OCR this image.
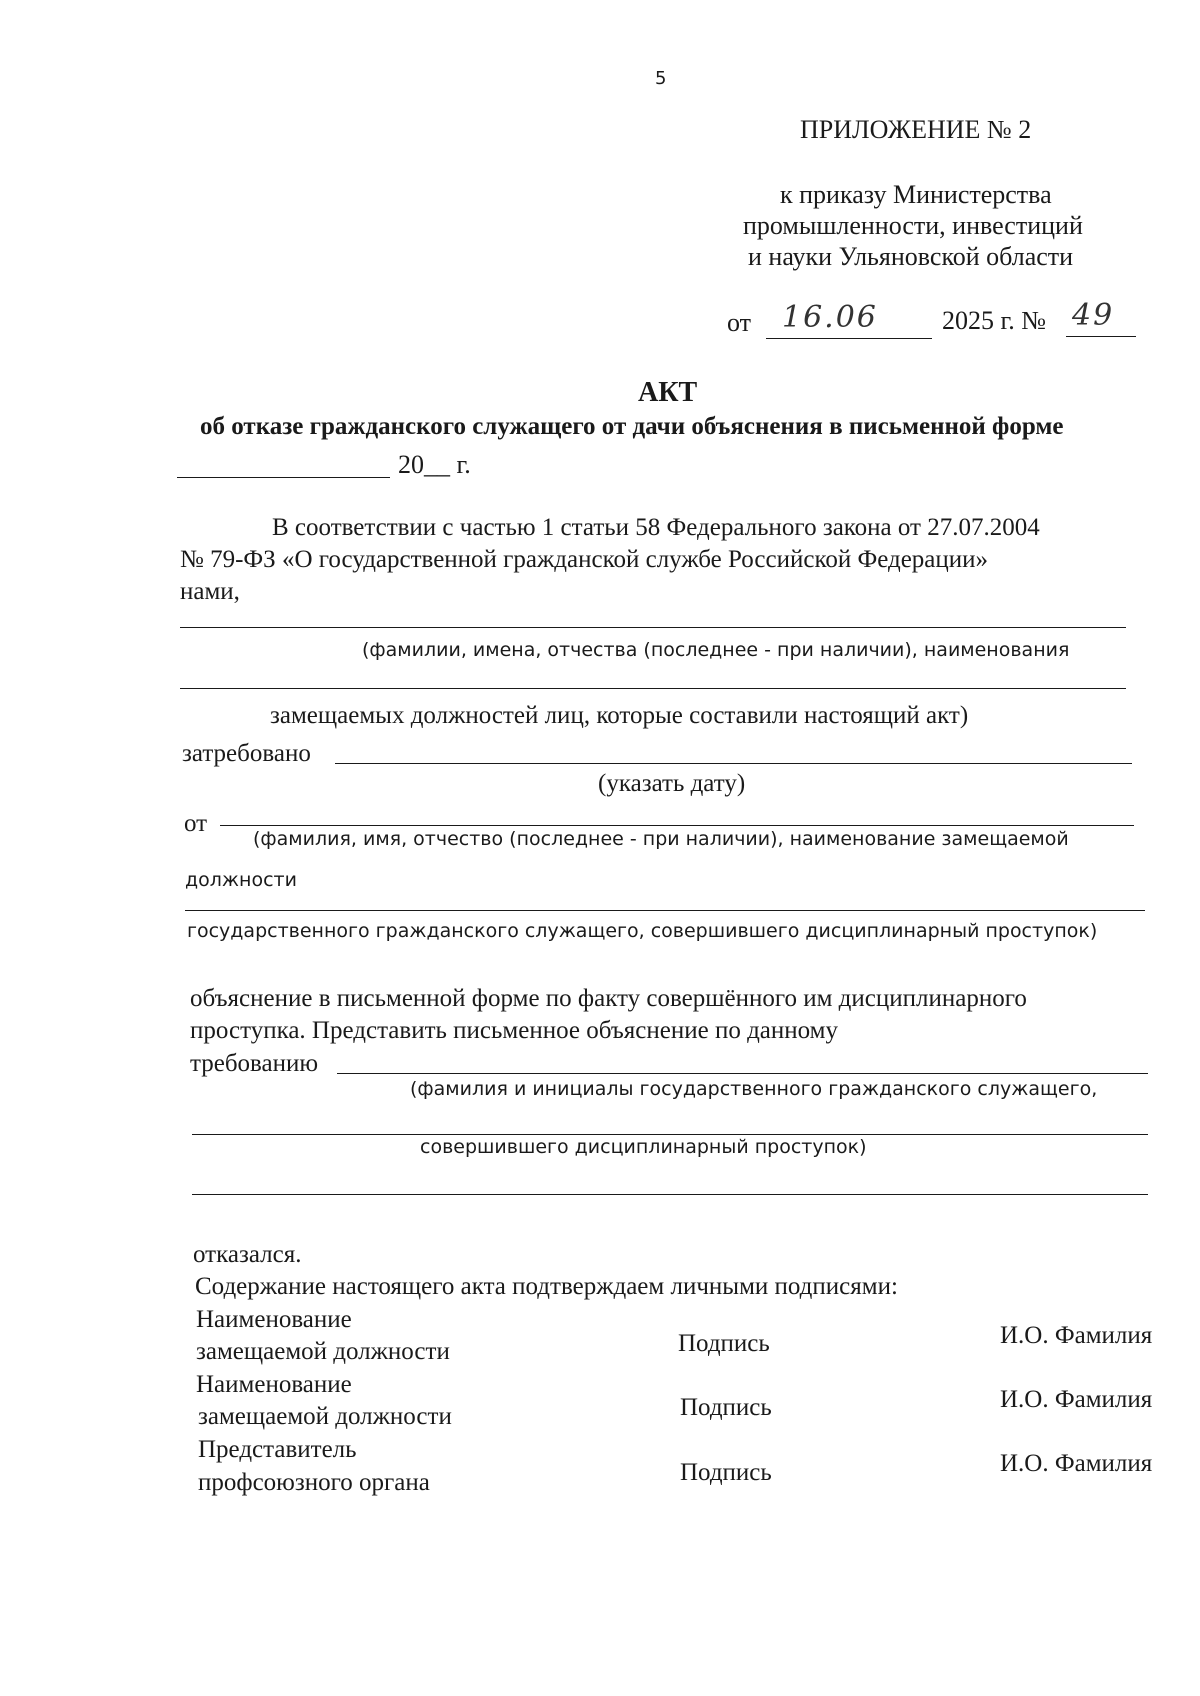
5
ПРИЛОЖЕНИЕ № 2
к приказу Министерства
промышленности, инвестиций
и науки Ульяновской области
от 16.06 2025 г. № 49
АКТ
об отказе гражданского служащего от дачи объяснения в письменной форме
20__ г.
В соответствии с частью 1 статьи 58 Федерального закона от 27.07.2004
№ 79-ФЗ «О государственной гражданской службе Российской Федерации»
нами,
(фамилии, имена, отчества (последнее - при наличии), наименования
замещаемых должностей лиц, которые составили настоящий акт)
затребовано
(указать дату)
от
(фамилия, имя, отчество (последнее - при наличии), наименование замещаемой
должности
государственного гражданского служащего, совершившего дисциплинарный проступок)
объяснение в письменной форме по факту совершённого им дисциплинарного
проступка. Представить письменное объяснение по данному
требованию
(фамилия и инициалы государственного гражданского служащего,
совершившего дисциплинарный проступок)
отказался.
Содержание настоящего акта подтверждаем личными подписями:
Наименование
замещаемой должности	Подпись	И.О. Фамилия
Наименование
замещаемой должности	Подпись	И.О. Фамилия
Представитель
профсоюзного органа	Подпись	И.О. Фамилия
